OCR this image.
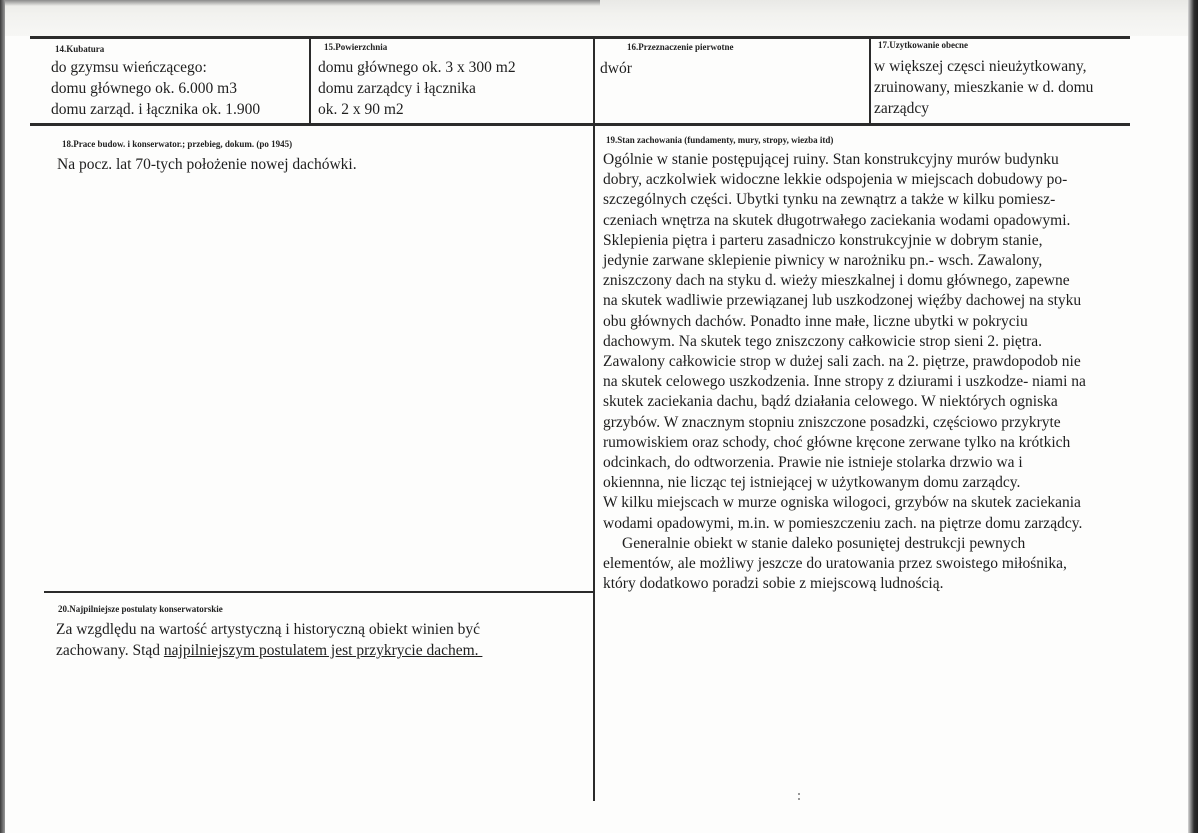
14.Kubatura
do gzymsu wieńczącego:
domu głównego ok. 6.000 m3
domu zarząd. i łącznika ok. 1.900
15.Powierzchnia
domu głównego ok. 3 x 300 m2
domu zarządcy i łącznika
ok. 2 x 90 m2
16.Przeznaczenie pierwotne
dwór
17.Uzytkowanie obecne
w większej częsci nieużytkowany,
zruinowany, mieszkanie w d. domu
zarządcy
18.Prace budow. i konserwator.; przebieg, dokum. (po 1945)
Na pocz. lat 70-tych położenie nowej dachówki.
19.Stan zachowania (fundamenty, mury, stropy, wiezba itd)
Ogólnie w stanie postępującej ruiny. Stan konstrukcyjny murów budynku
dobry, aczkolwiek widoczne lekkie odspojenia w miejscach dobudowy po-
szczególnych części. Ubytki tynku na zewnątrz a także w kilku pomiesz-
czeniach wnętrza na skutek długotrwałego zaciekania wodami opadowymi.
Sklepienia piętra i parteru zasadniczo konstrukcyjnie w dobrym stanie,
jedynie zarwane sklepienie piwnicy w narożniku pn.- wsch. Zawalony,
zniszczony dach na styku d. wieży mieszkalnej i domu głównego, zapewne
na skutek wadliwie przewiązanej lub uszkodzonej więźby dachowej na styku
obu głównych dachów. Ponadto inne małe, liczne ubytki w pokryciu
dachowym. Na skutek tego zniszczony całkowicie strop sieni 2. piętra.
Zawalony całkowicie strop w dużej sali zach. na 2. piętrze, prawdopodob nie
na skutek celowego uszkodzenia. Inne stropy z dziurami i uszkodze- niami na
skutek zaciekania dachu, bądź działania celowego. W niektórych ogniska
grzybów. W znacznym stopniu zniszczone posadzki, częściowo przykryte
rumowiskiem oraz schody, choć główne kręcone zerwane tylko na krótkich
odcinkach, do odtworzenia. Prawie nie istnieje stolarka drzwio wa i
okiennna, nie licząc tej istniejącej w użytkowanym domu zarządcy.
W kilku miejscach w murze ogniska wilogoci, grzybów na skutek zaciekania
wodami opadowymi, m.in. w pomieszczeniu zach. na piętrze domu zarządcy.
Generalnie obiekt w stanie daleko posuniętej destrukcji pewnych
elementów, ale możliwy jeszcze do uratowania przez swoistego miłośnika,
który dodatkowo poradzi sobie z miejscową ludnością.
20.Najpilniejsze postulaty konserwatorskie
Za wzgdlędu na wartość artystyczną i historyczną obiekt winien być
zachowany. Stąd najpilniejszym postulatem jest przykrycie dachem.
